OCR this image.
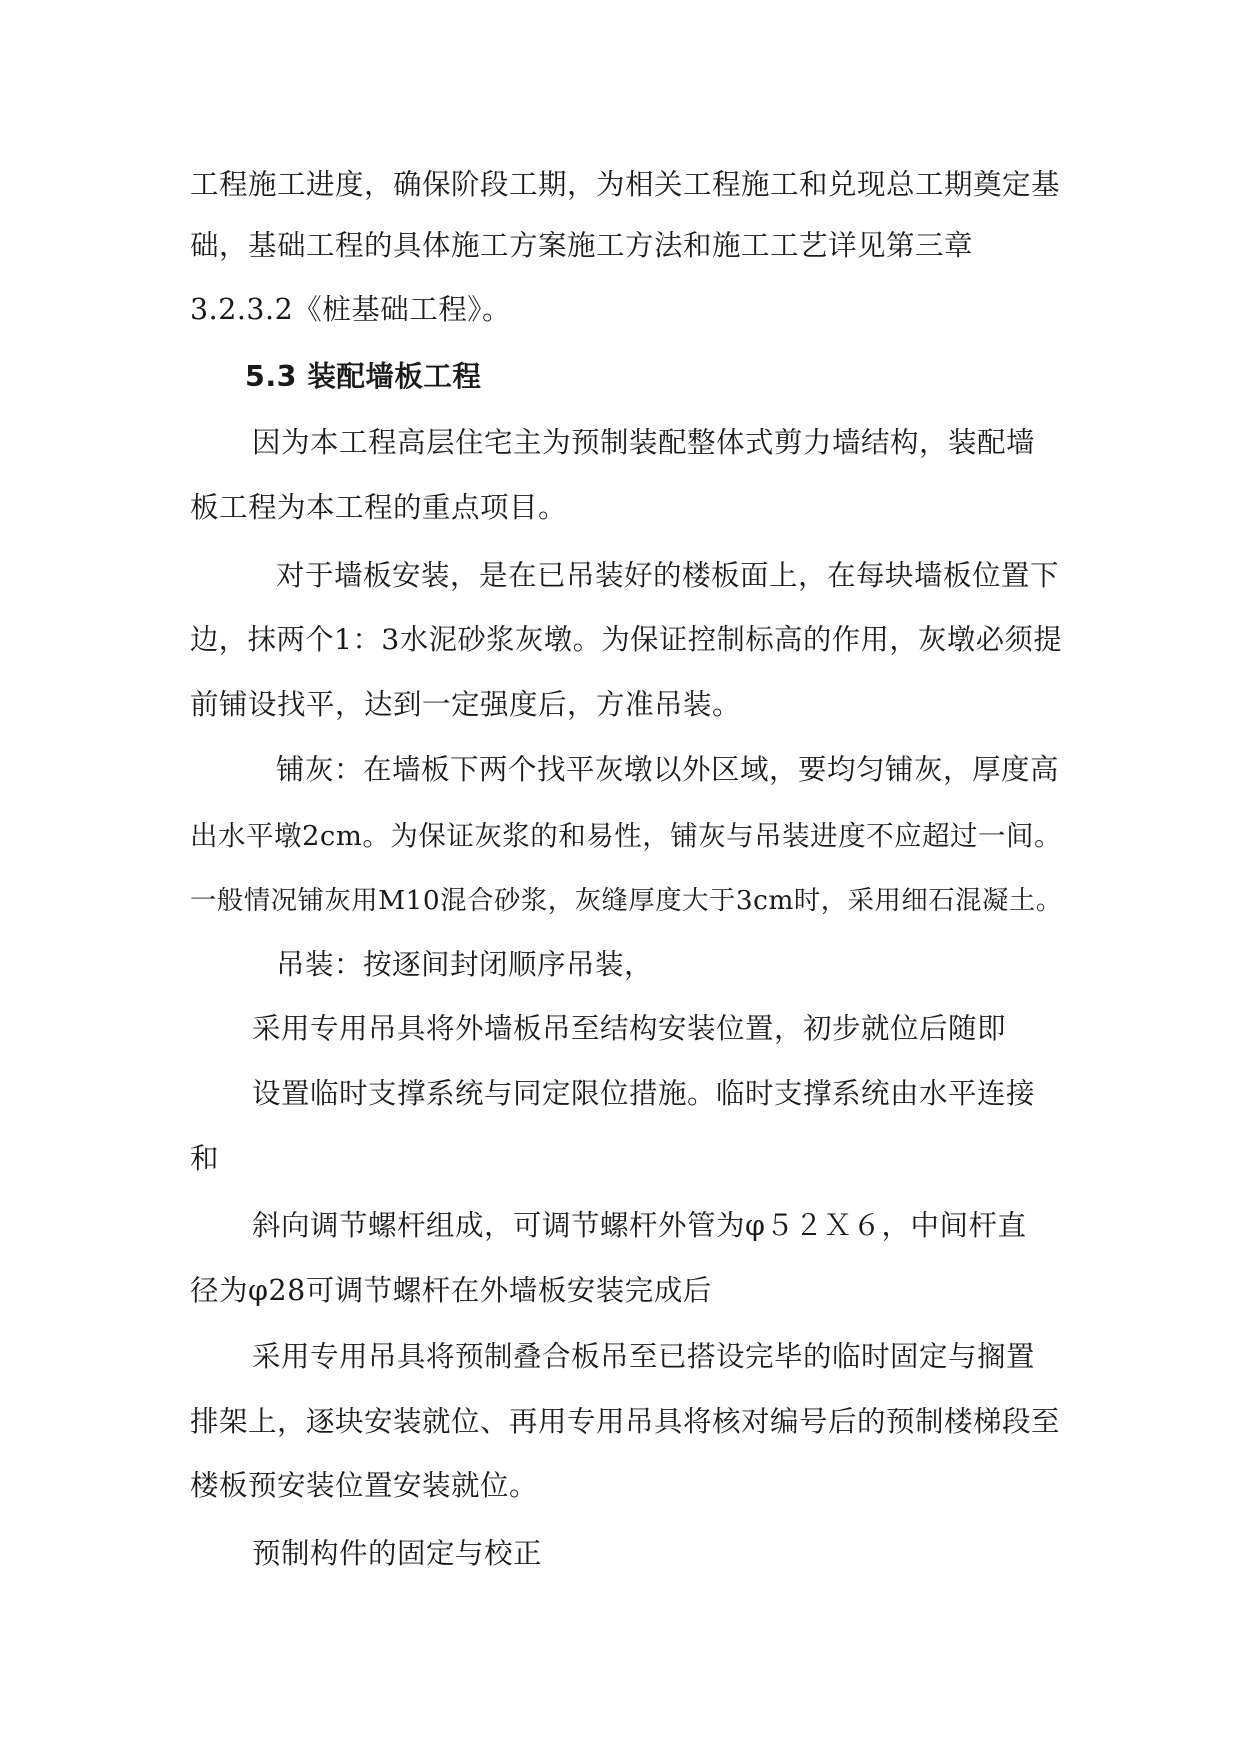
工程施工进度，确保阶段工期，为相关工程施工和兑现总工期奠定基
础，基础工程的具体施工方案施工方法和施工工艺详见第三章
3.2.3.2《桩基础工程》。
5.3 装配墙板工程
因为本工程高层住宅主为预制装配整体式剪力墙结构，装配墙
板工程为本工程的重点项目。
对于墙板安装，是在已吊装好的楼板面上，在每块墙板位置下
边，抹两个1：3水泥砂浆灰墩。为保证控制标高的作用，灰墩必须提
前铺设找平，达到一定强度后，方准吊装。
铺灰：在墙板下两个找平灰墩以外区域，要均匀铺灰，厚度高
出水平墩2cm。为保证灰浆的和易性，铺灰与吊装进度不应超过一间。
一般情况铺灰用M10混合砂浆，灰缝厚度大于3cm时，采用细石混凝土。
吊装：按逐间封闭顺序吊装，
采用专用吊具将外墙板吊至结构安装位置，初步就位后随即
设置临时支撑系统与同定限位措施。临时支撑系统由水平连接
和
斜向调节螺杆组成，可调节螺杆外管为φ５２Ｘ６，中间杆直
径为φ28可调节螺杆在外墙板安装完成后
采用专用吊具将预制叠合板吊至已搭设完毕的临时固定与搁置
排架上，逐块安装就位、再用专用吊具将核对编号后的预制楼梯段至
楼板预安装位置安装就位。
预制构件的固定与校正
